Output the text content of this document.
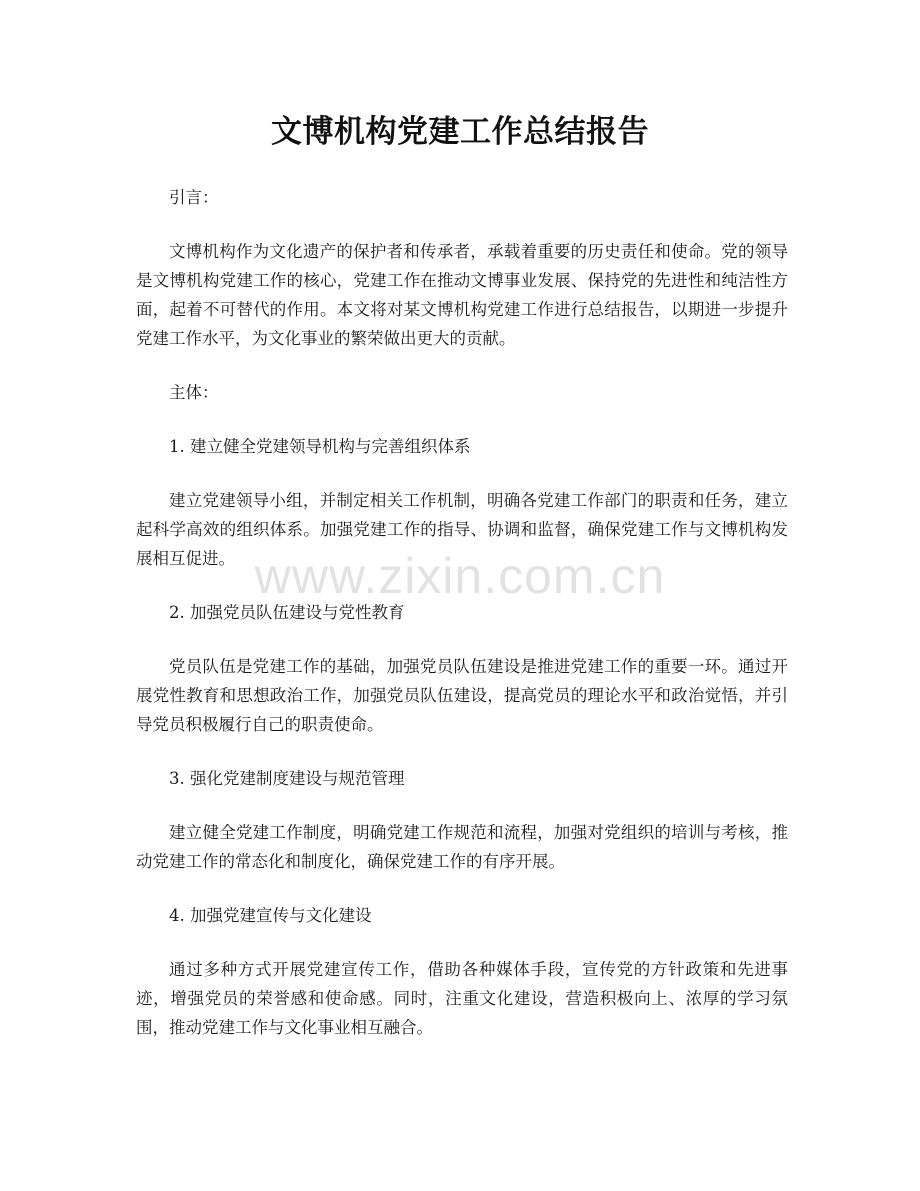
文博机构党建工作总结报告

引言：

文博机构作为文化遗产的保护者和传承者，承载着重要的历史责任和使命。党的领导是文博机构党建工作的核心，党建工作在推动文博事业发展、保持党的先进性和纯洁性方面，起着不可替代的作用。本文将对某文博机构党建工作进行总结报告，以期进一步提升党建工作水平，为文化事业的繁荣做出更大的贡献。

主体：

1. 建立健全党建领导机构与完善组织体系

建立党建领导小组，并制定相关工作机制，明确各党建工作部门的职责和任务，建立起科学高效的组织体系。加强党建工作的指导、协调和监督，确保党建工作与文博机构发展相互促进。

2. 加强党员队伍建设与党性教育

党员队伍是党建工作的基础，加强党员队伍建设是推进党建工作的重要一环。通过开展党性教育和思想政治工作，加强党员队伍建设，提高党员的理论水平和政治觉悟，并引导党员积极履行自己的职责使命。

3. 强化党建制度建设与规范管理

建立健全党建工作制度，明确党建工作规范和流程，加强对党组织的培训与考核，推动党建工作的常态化和制度化，确保党建工作的有序开展。

4. 加强党建宣传与文化建设

通过多种方式开展党建宣传工作，借助各种媒体手段，宣传党的方针政策和先进事迹，增强党员的荣誉感和使命感。同时，注重文化建设，营造积极向上、浓厚的学习氛围，推动党建工作与文化事业相互融合。

www.zixin.com.cn
